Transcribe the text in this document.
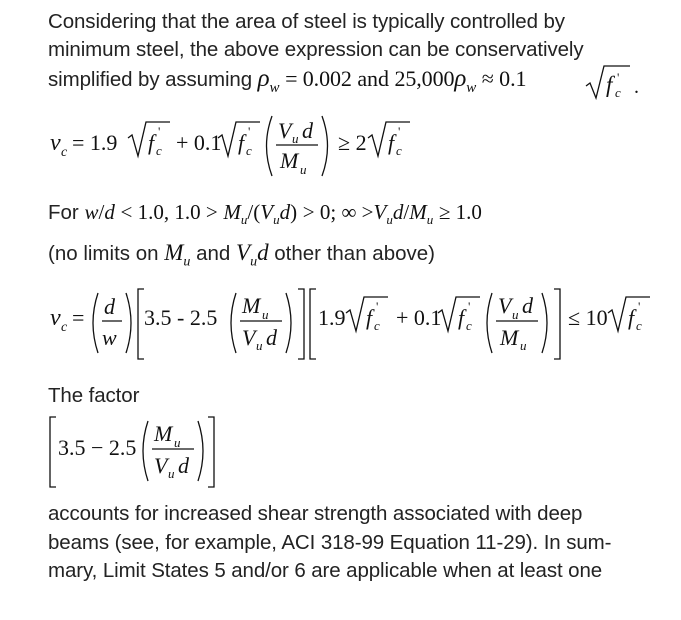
Considering that the area of steel is typically controlled by
minimum steel, the above expression can be conservatively
simplified by assuming $\rho_w = 0.002$ and $25,000\rho_w \approx 0.1$	f c
' .
v c = 1.9 f c
' + 0.1 f c
' V u d
M u
≥ 2 f c
'
For w/d < 1.0, $1.0 > M_u/(V_ud) > 0$; ∞ $>V_ud/M_u \ge 1.0$
(no limits on $M_u$ and $V_ud$ other than above)
v c = d
w
3.5 - 2.5 M u
V u d
1.9 f c
' + 0.1 f c
' V u d
M u
≤ 10 f c
'
The factor
3.5 − 2.5
M u
V u d
accounts for increased shear strength associated with deep
beams (see, for example, ACI 318-99 Equation 11-29). In sum-
mary, Limit States 5 and/or 6 are applicable when at least one
